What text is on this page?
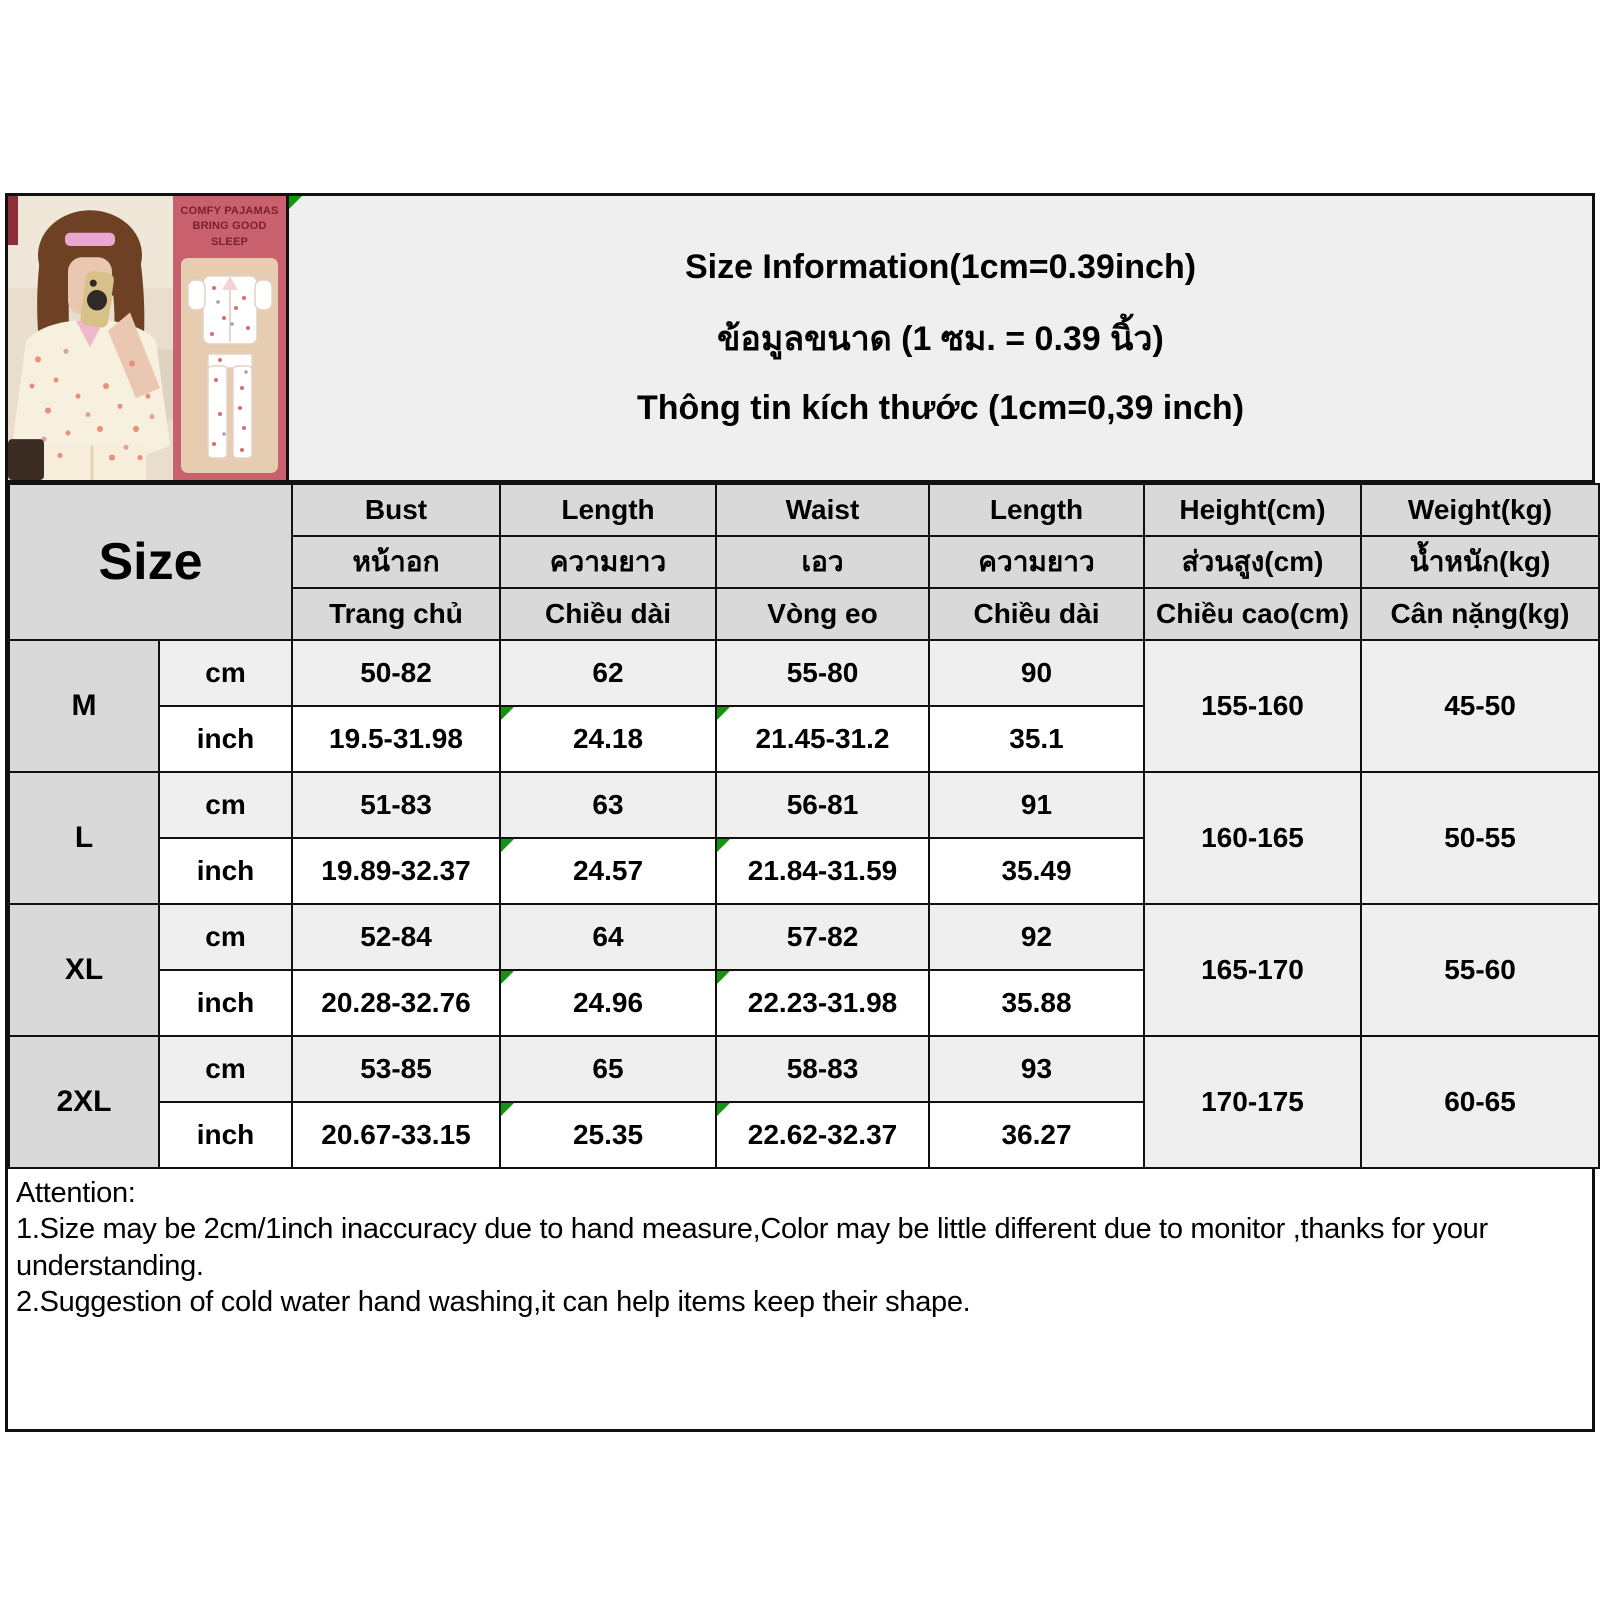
COMFY PAJAMAS
BRING GOOD SLEEP
Size Information(1cm=0.39inch)
ข้อมูลขนาด (1 ซม. = 0.39 นิ้ว)
Thông tin kích thước (1cm=0,39 inch)
Size		Bust	Length	Waist	Length	Height(cm)	Weight(kg)
		หน้าอก	ความยาว	เอว	ความยาว	ส่วนสูง(cm)	น้ำหนัก(kg)
		Trang chủ	Chiều dài	Vòng eo	Chiều dài	Chiều cao(cm)	Cân nặng(kg)
M	cm	50-82	62	55-80	90	155-160	45-50
	inch	19.5-31.98	24.18	21.45-31.2	35.1		
L	cm	51-83	63	56-81	91	160-165	50-55
	inch	19.89-32.37	24.57	21.84-31.59	35.49		
XL	cm	52-84	64	57-82	92	165-170	55-60
	inch	20.28-32.76	24.96	22.23-31.98	35.88		
2XL	cm	53-85	65	58-83	93	170-175	60-65
	inch	20.67-33.15	25.35	22.62-32.37	36.27		
Attention:
1.Size may be 2cm/1inch inaccuracy due to hand measure,Color may be little different due to monitor ,thanks for your understanding.
2.Suggestion of cold water hand washing,it can help items keep their shape.
